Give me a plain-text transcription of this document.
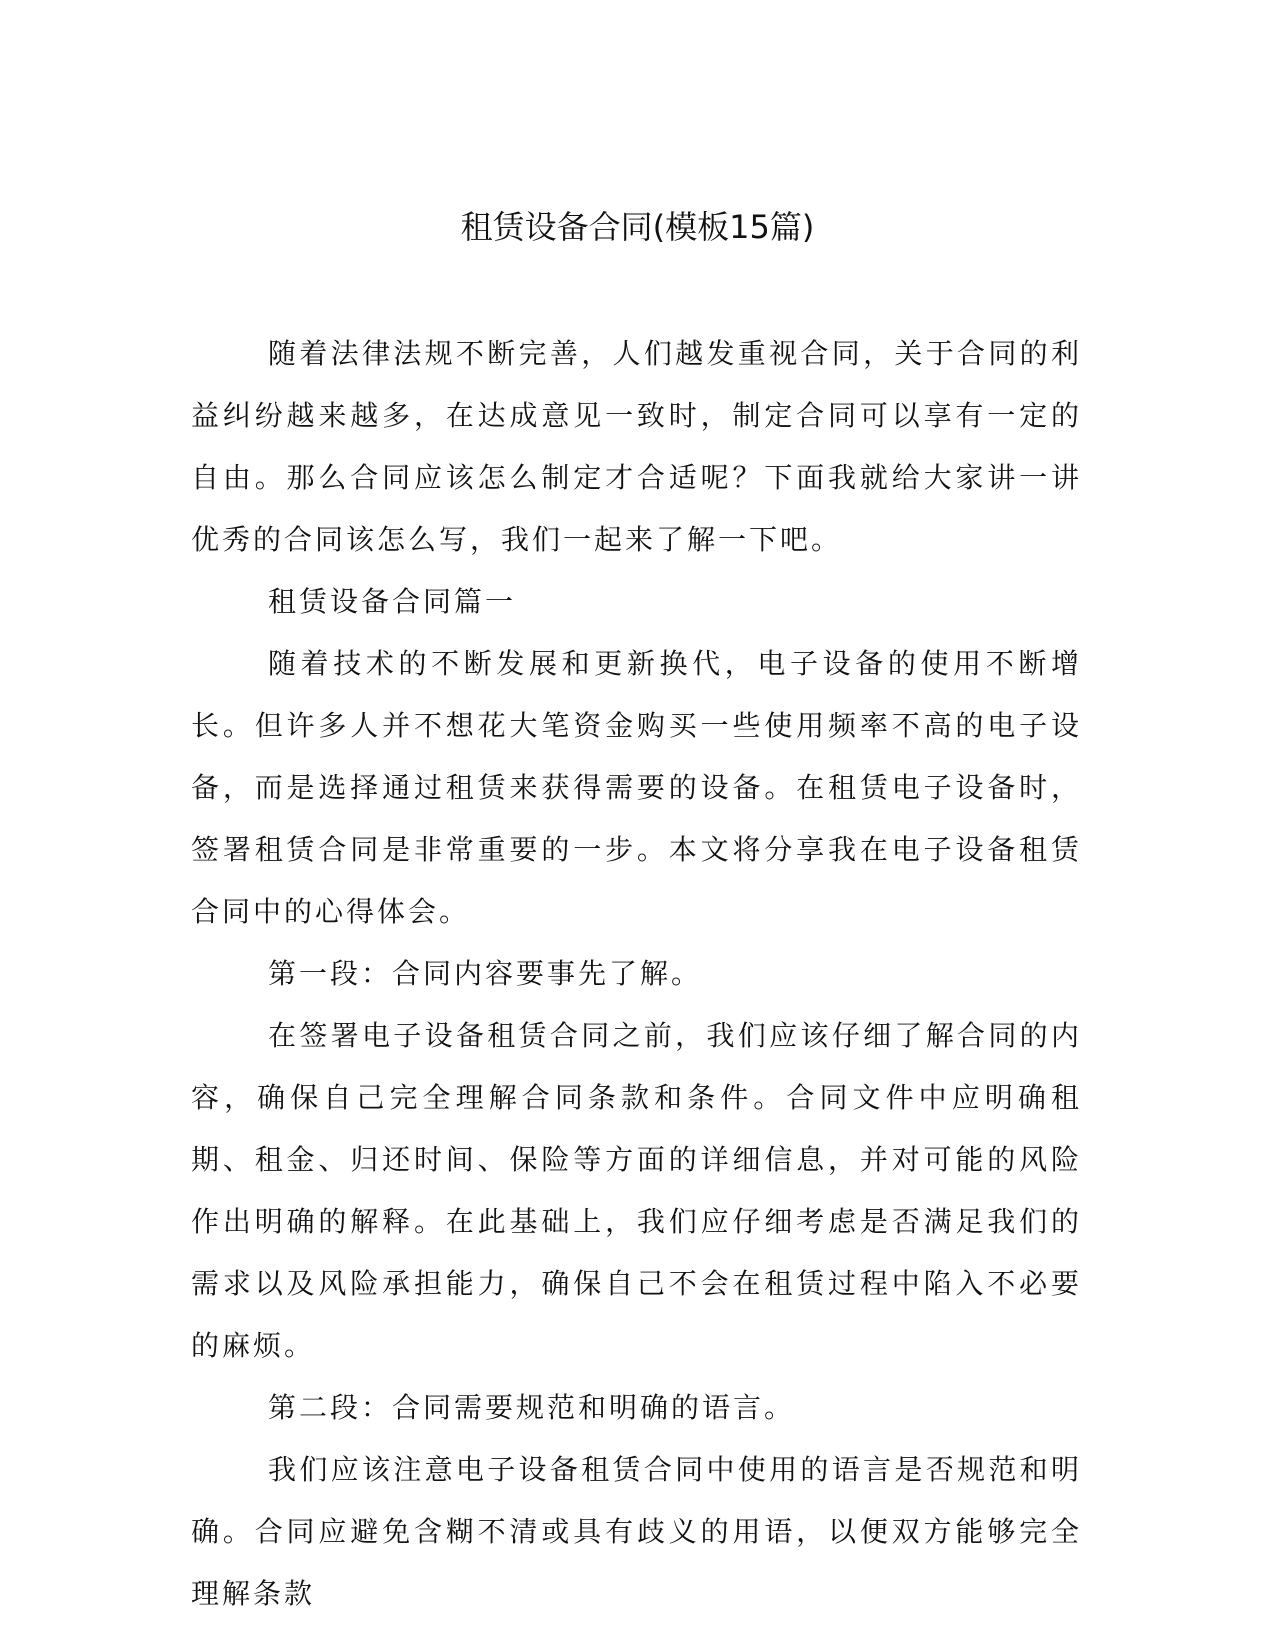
租赁设备合同(模板15篇)

随着法律法规不断完善，人们越发重视合同，关于合同的利益纠纷越来越多，在达成意见一致时，制定合同可以享有一定的自由。那么合同应该怎么制定才合适呢？下面我就给大家讲一讲优秀的合同该怎么写，我们一起来了解一下吧。

租赁设备合同篇一

随着技术的不断发展和更新换代，电子设备的使用不断增长。但许多人并不想花大笔资金购买一些使用频率不高的电子设备，而是选择通过租赁来获得需要的设备。在租赁电子设备时，签署租赁合同是非常重要的一步。本文将分享我在电子设备租赁合同中的心得体会。

第一段：合同内容要事先了解。

在签署电子设备租赁合同之前，我们应该仔细了解合同的内容，确保自己完全理解合同条款和条件。合同文件中应明确租期、租金、归还时间、保险等方面的详细信息，并对可能的风险作出明确的解释。在此基础上，我们应仔细考虑是否满足我们的需求以及风险承担能力，确保自己不会在租赁过程中陷入不必要的麻烦。

第二段：合同需要规范和明确的语言。

我们应该注意电子设备租赁合同中使用的语言是否规范和明确。合同应避免含糊不清或具有歧义的用语，以便双方能够完全理解条款
